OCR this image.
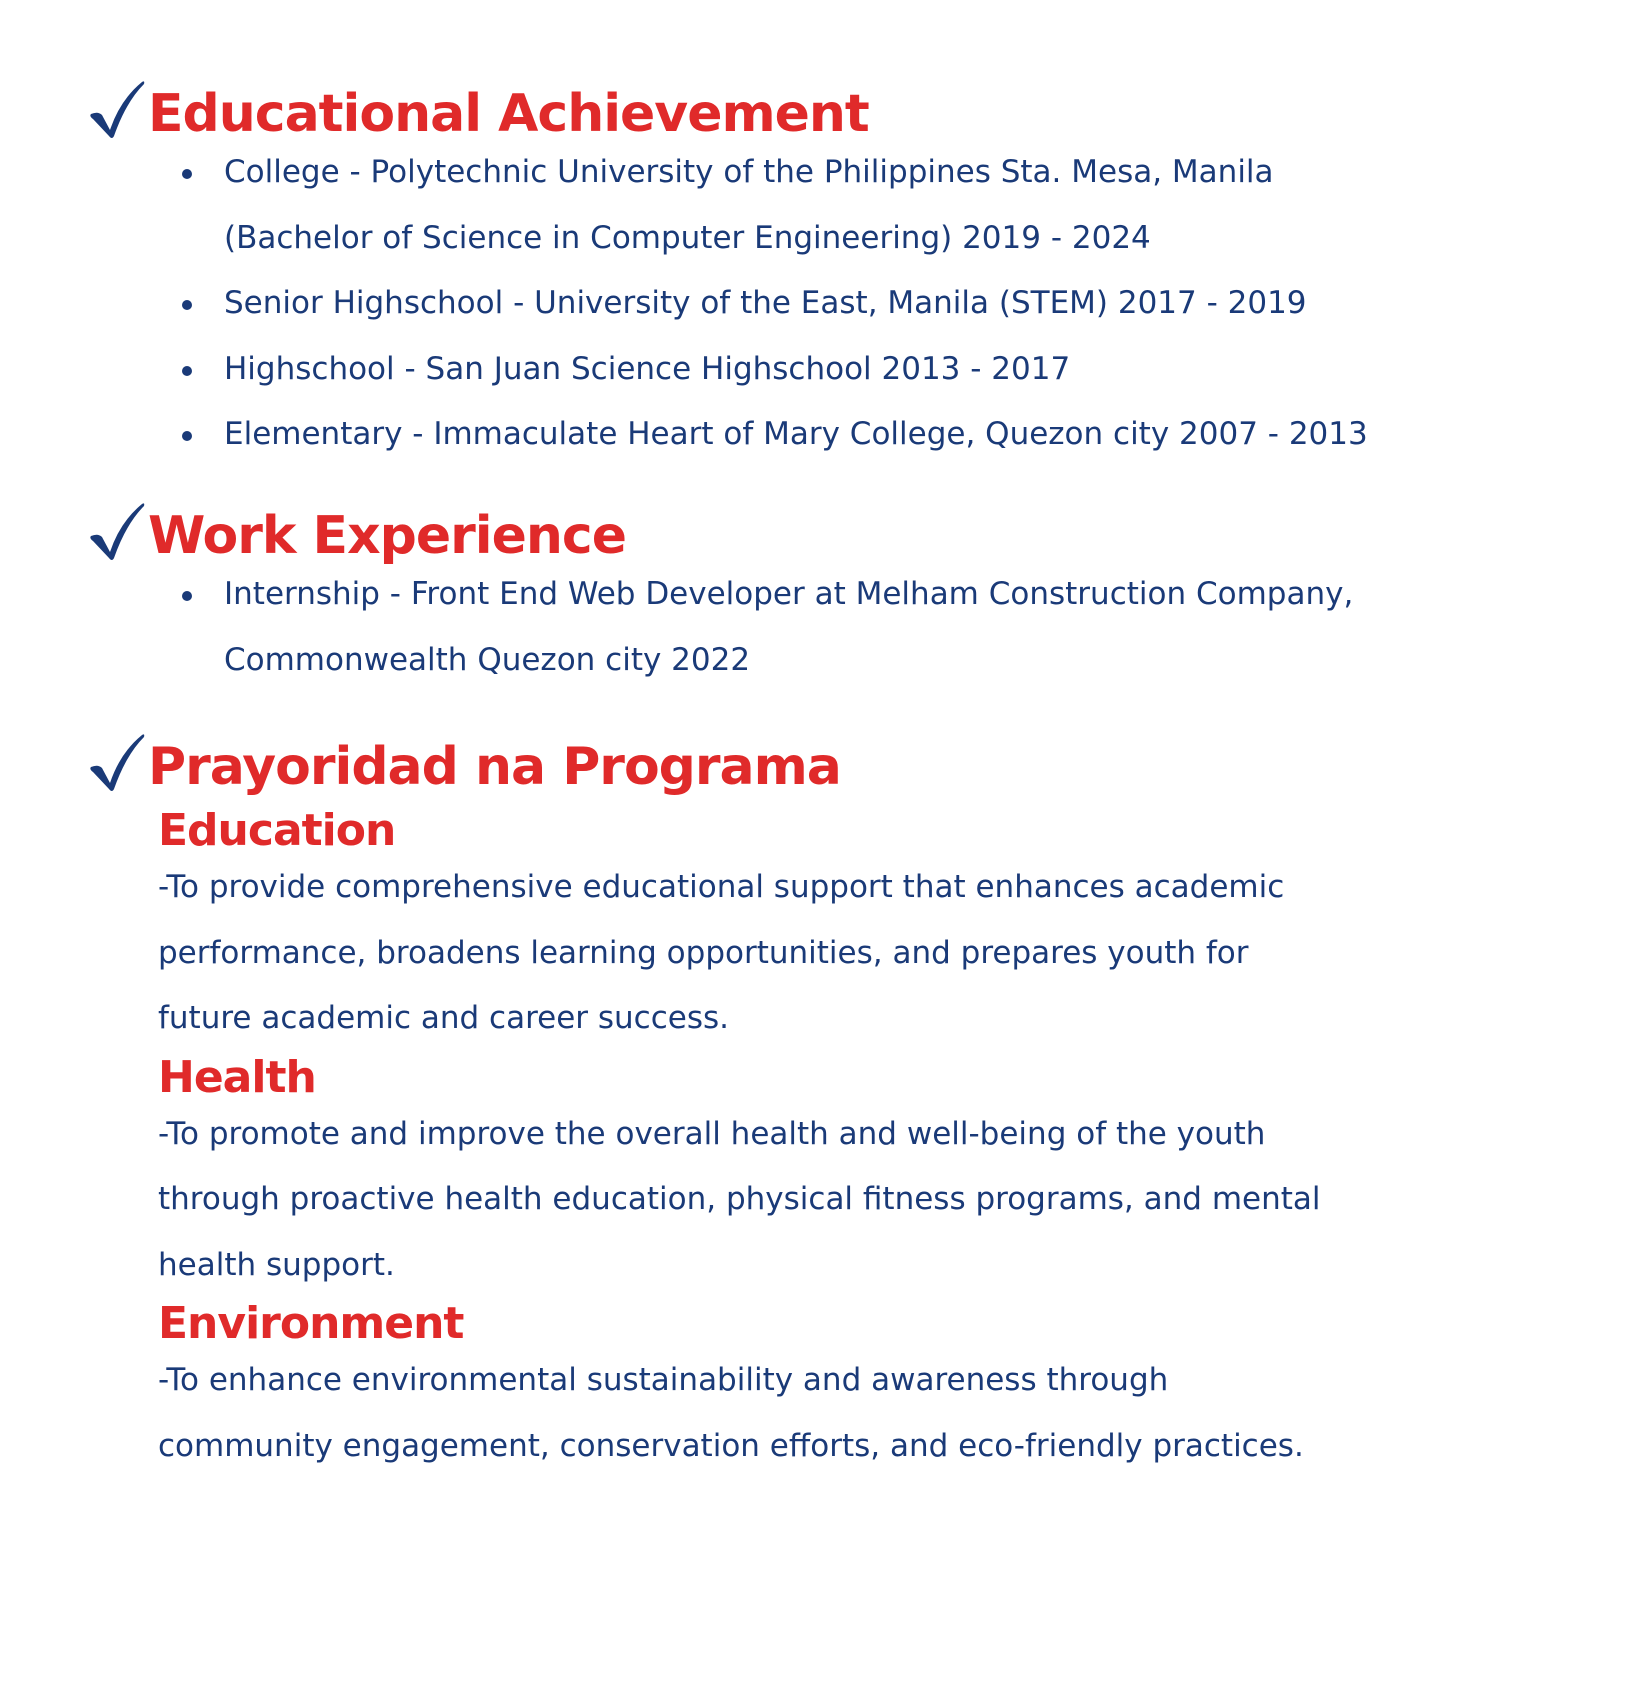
Educational Achievement
College - Polytechnic University of the Philippines Sta. Mesa, Manila
(Bachelor of Science in Computer Engineering) 2019 - 2024
Senior Highschool - University of the East, Manila (STEM) 2017 - 2019
Highschool - San Juan Science Highschool 2013 - 2017
Elementary - Immaculate Heart of Mary College, Quezon city 2007 - 2013
Work Experience
Internship - Front End Web Developer at Melham Construction Company,
Commonwealth Quezon city 2022
Prayoridad na Programa
Education
-To provide comprehensive educational support that enhances academic
performance, broadens learning opportunities, and prepares youth for
future academic and career success.
Health
-To promote and improve the overall health and well-being of the youth
through proactive health education, physical fitness programs, and mental
health support.
Environment
-To enhance environmental sustainability and awareness through
community engagement, conservation efforts, and eco-friendly practices.
